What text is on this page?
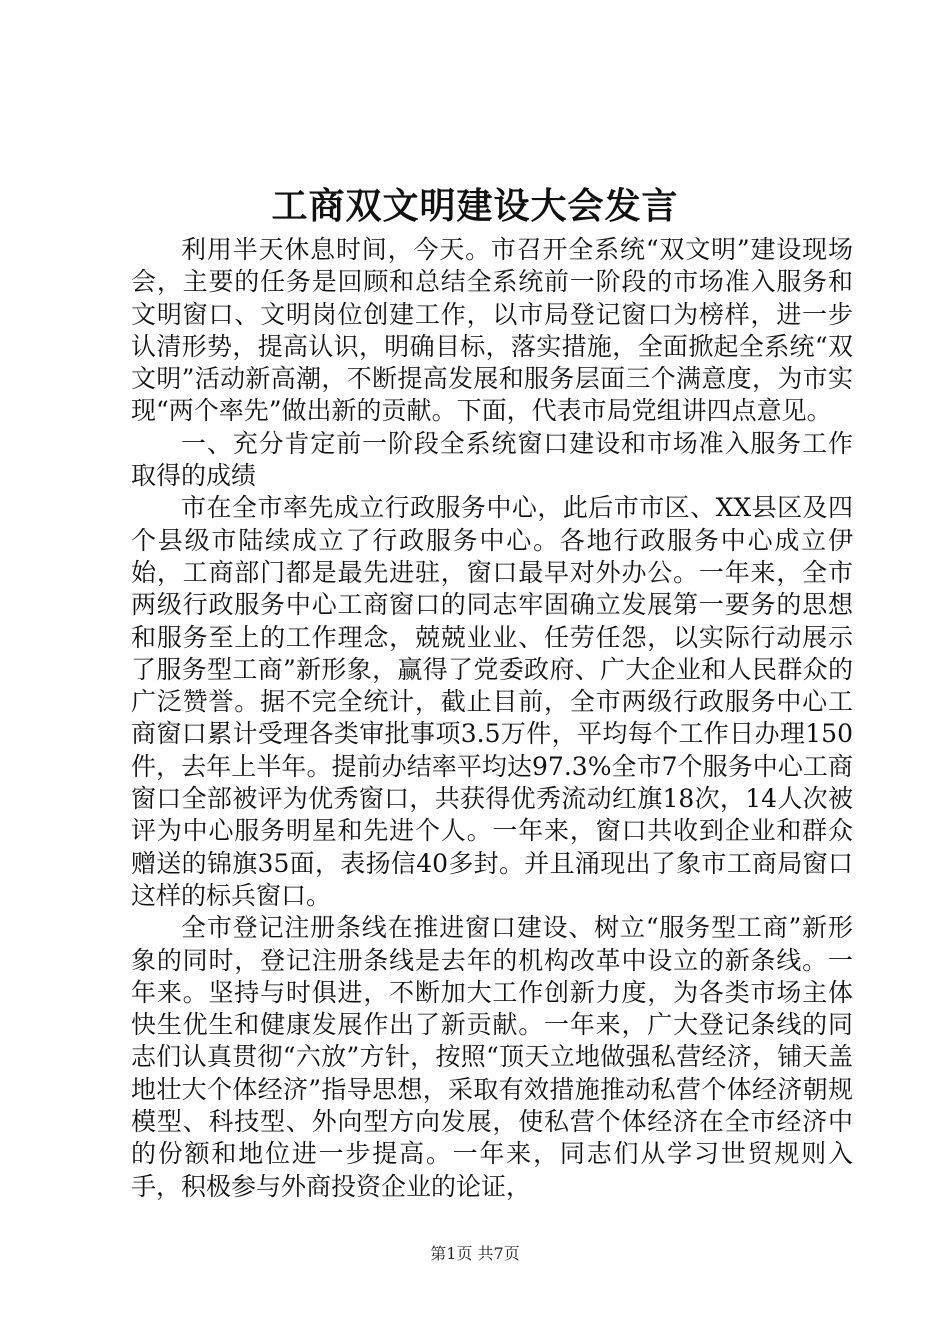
工商双文明建设大会发言

利用半天休息时间，今天。市召开全系统“双文明”建设现场会，主要的任务是回顾和总结全系统前一阶段的市场准入服务和文明窗口、文明岗位创建工作，以市局登记窗口为榜样，进一步认清形势，提高认识，明确目标，落实措施，全面掀起全系统“双文明”活动新高潮，不断提高发展和服务层面三个满意度，为市实现“两个率先”做出新的贡献。下面，代表市局党组讲四点意见。

一、充分肯定前一阶段全系统窗口建设和市场准入服务工作取得的成绩

市在全市率先成立行政服务中心，此后市市区、XX县区及四个县级市陆续成立了行政服务中心。各地行政服务中心成立伊始，工商部门都是最先进驻，窗口最早对外办公。一年来，全市两级行政服务中心工商窗口的同志牢固确立发展第一要务的思想和服务至上的工作理念，兢兢业业、任劳任怨，以实际行动展示了服务型工商”新形象，赢得了党委政府、广大企业和人民群众的广泛赞誉。据不完全统计，截止目前，全市两级行政服务中心工商窗口累计受理各类审批事项3.5万件，平均每个工作日办理150件，去年上半年。提前办结率平均达97.3%全市7个服务中心工商窗口全部被评为优秀窗口，共获得优秀流动红旗18次，14人次被评为中心服务明星和先进个人。一年来，窗口共收到企业和群众赠送的锦旗35面，表扬信40多封。并且涌现出了象市工商局窗口这样的标兵窗口。

全市登记注册条线在推进窗口建设、树立“服务型工商”新形象的同时，登记注册条线是去年的机构改革中设立的新条线。一年来。坚持与时俱进，不断加大工作创新力度，为各类市场主体快生优生和健康发展作出了新贡献。一年来，广大登记条线的同志们认真贯彻“六放”方针，按照“顶天立地做强私营经济，铺天盖地壮大个体经济”指导思想，采取有效措施推动私营个体经济朝规模型、科技型、外向型方向发展，使私营个体经济在全市经济中的份额和地位进一步提高。一年来，同志们从学习世贸规则入手，积极参与外商投资企业的论证，

第1页 共7页
